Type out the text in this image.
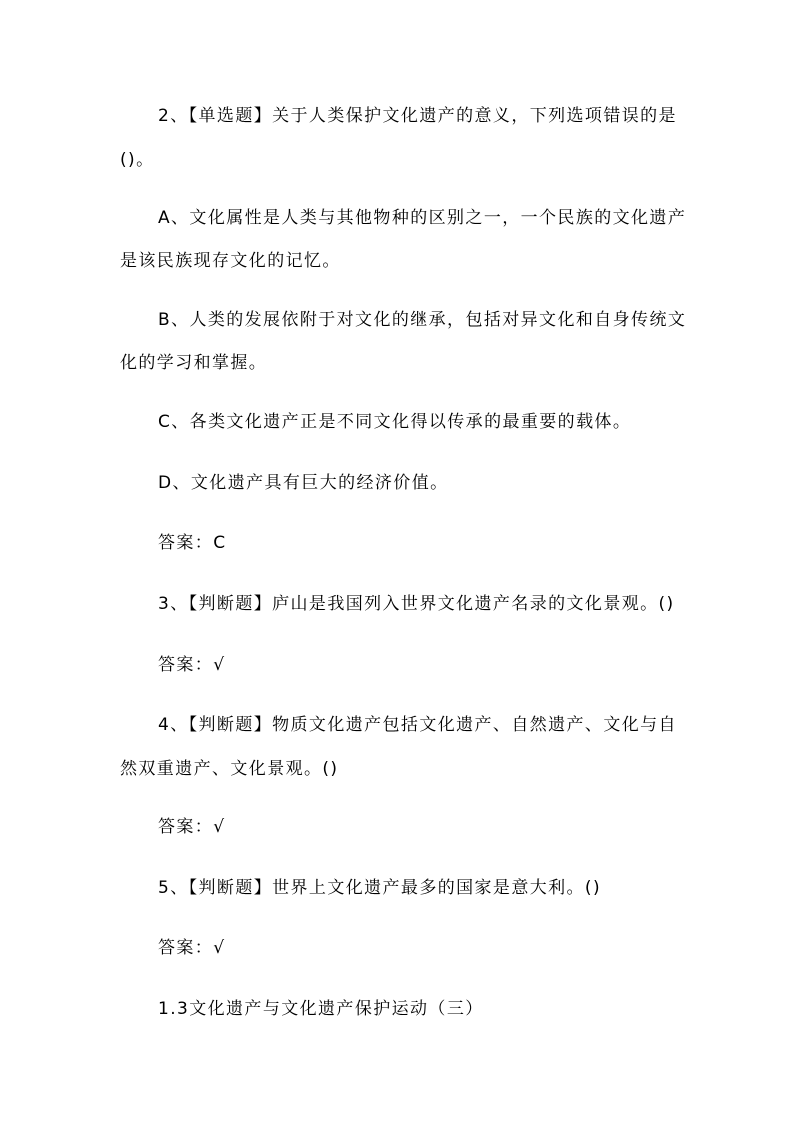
2、【单选题】关于人类保护文化遗产的意义，下列选项错误的是
()。
A、文化属性是人类与其他物种的区别之一，一个民族的文化遗产
是该民族现存文化的记忆。
B、人类的发展依附于对文化的继承，包括对异文化和自身传统文
化的学习和掌握。
C、各类文化遗产正是不同文化得以传承的最重要的载体。
D、文化遗产具有巨大的经济价值。
答案：C
3、【判断题】庐山是我国列入世界文化遗产名录的文化景观。()
答案：√
4、【判断题】物质文化遗产包括文化遗产、自然遗产、文化与自
然双重遗产、文化景观。()
答案：√
5、【判断题】世界上文化遗产最多的国家是意大利。()
答案：√
1.3文化遗产与文化遗产保护运动（三）
